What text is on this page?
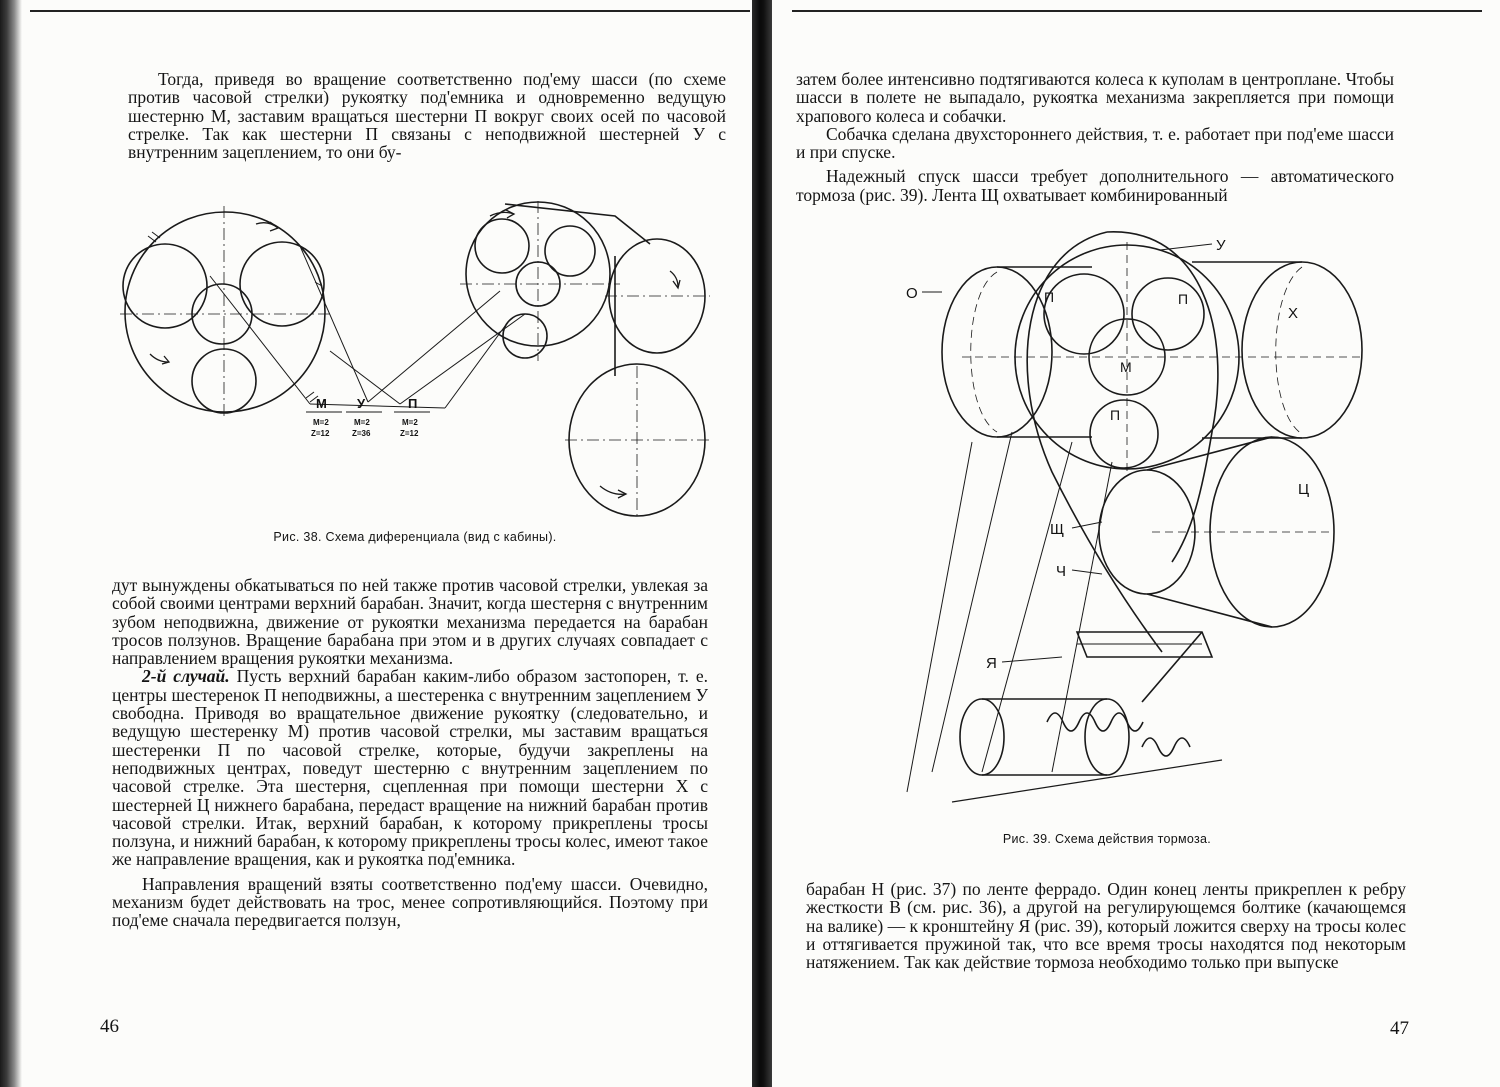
Тогда, приведя во вращение соответственно под'ему шасси (по схеме против часовой стрелки) рукоятку под'емника и одновременно ведущую шестерню М, заставим вращаться шестерни П вокруг своих осей по часовой стрелке. Так как шестерни П связаны с неподвижной шестерней У с внутренним зацеплением, то они бу-

М У	П
M=2
Z=12
M=2
Z=36
M=2
Z=12
Рис. 38. Схема диференциала (вид с кабины).

дут вынуждены обкатываться по ней также против часовой стрелки, увлекая за собой своими центрами верхний барабан. Значит, когда шестерня с внутренним зубом неподвижна, движение от рукоятки механизма передается на барабан тросов ползунов. Вращение барабана при этом и в других случаях совпадает с направлением вращения рукоятки механизма.

2-й случай. Пусть верхний барабан каким-либо образом застопорен, т. е. центры шестеренок П неподвижны, а шестеренка с внутренним зацеплением У свободна. Приводя во вращательное движение рукоятку (следовательно, и ведущую шестеренку М) против часовой стрелки, мы заставим вращаться шестеренки П по часовой стрелке, которые, будучи закреплены на неподвижных центрах, поведут шестерню с внутренним зацеплением по часовой стрелке. Эта шестерня, сцепленная при помощи шестерни Х с шестерней Ц нижнего барабана, передаст вращение на нижний барабан против часовой стрелки. Итак, верхний барабан, к которому прикреплены тросы ползуна, и нижний барабан, к которому прикреплены тросы колес, имеют такое же направление вращения, как и рукоятка под'емника.

Направления вращений взяты соответственно под'ему шасси. Очевидно, механизм будет действовать на трос, менее сопротивляющийся. Поэтому при под'еме сначала передвигается ползун,

46

затем более интенсивно подтягиваются колеса к куполам в центроплане. Чтобы шасси в полете не выпадало, рукоятка механизма закрепляется при помощи храпового колеса и собачки.

Собачка сделана двухстороннего действия, т. е. работает при под'еме шасси и при спуске.

Надежный спуск шасси требует дополнительного — автоматического тормоза (рис. 39). Лента Щ охватывает комбинированный

У
О	П	П
Х
М
П
Ц
Щ
Ч
Я
Рис. 39. Схема действия тормоза.

барабан Н (рис. 37) по ленте феррадо. Один конец ленты прикреплен к ребру жесткости В (см. рис. 36), а другой на регулирующемся болтике (качающемся на валике) — к кронштейну Я (рис. 39), который ложится сверху на тросы колес и оттягивается пружиной так, что все время тросы находятся под некоторым натяжением. Так как действие тормоза необходимо только при выпуске

47
